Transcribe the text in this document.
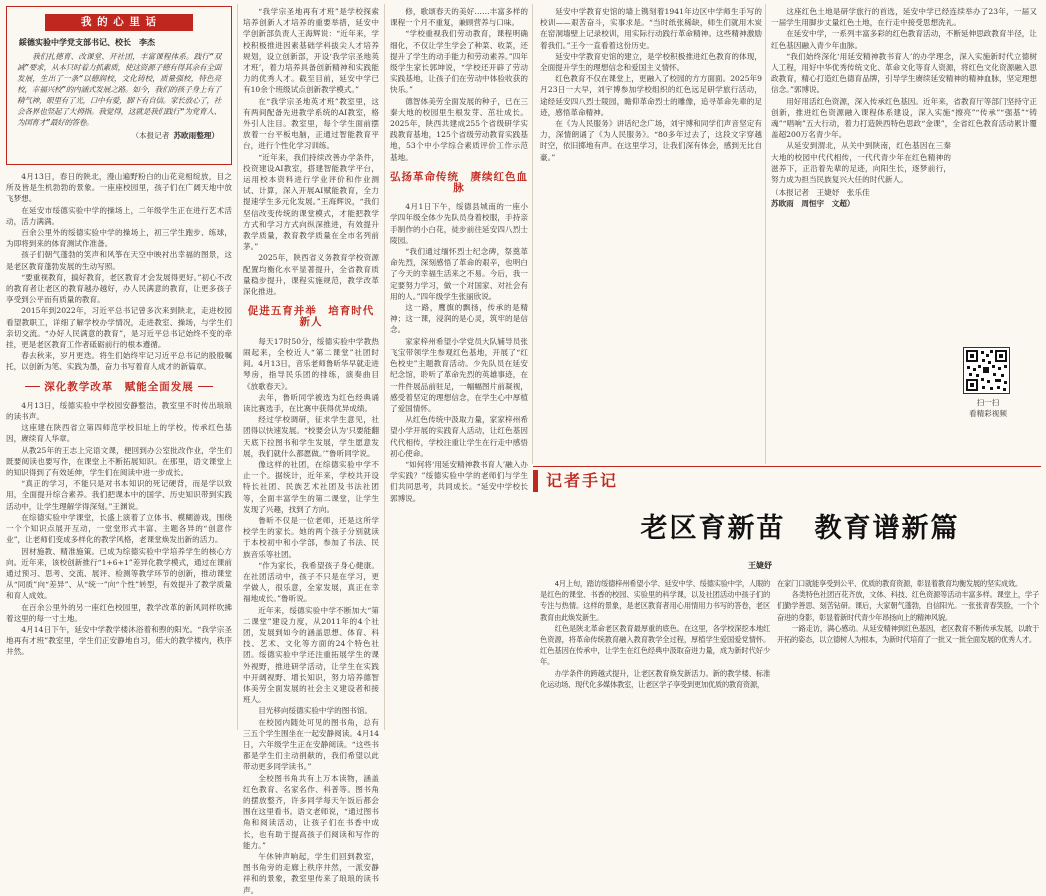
我 的 心 里 话
綏德实验中学党支部书记、校长　李杰
我们扎德育、改课堂、开社团，丰富课程体系。践行“双减”要求，从本只时着力抓素质，使这资源子德有得其余有全面发展，生出了一条“以德润校，文化铸校，质量强校，特色亮校，幸福兴校”的内涵式发展之路。如今，我们的孩子身上有了精气神，眼里有了光，口中有爱，脚下有自信。家长放心了，社会各界也竖起了大拇指。我觉得，这就是我们践行“为党育人、为国育才”最好的答卷。
（本报记者 苏欧雨整理）

4月13日，春日的陕北，漫山遍野粉白的山花竞相绽放，目之所及皆是生机勃勃的景象。一座座校园里，孩子们在广阔天地中放飞梦想。

在延安市绥德实验中学的操场上，二年级学生正在进行艺术活动，活力满满。

百余公里外的绥德实验中学的操场上，初三学生跑步、练球，为即将到来的体育测试作准备。

孩子们朝气蓬勃的笑声和风筝在天空中映衬出幸福的图景，这是老区教育蓬勃发展的生动写照。

“要重视教育，搞好教育，老区教育才会发展得更好。”初心不改的教育者让老区的教育越办越好，办人民满意的教育，让更多孩子享受到公平而有质量的教育。

2015年到2022年，习近平总书记曾多次来到陕北，走进校园看望教职工，详细了解学校办学情况，走进教室、操场，与学生们亲切交流。“办好人民满意的教育”，是习近平总书记始终不变的牵挂，更是老区教育工作者砥砺前行的根本遵循。

春去秋来，岁月更迭。将生们始终牢记习近平总书记的殷殷嘱托，以创新为笔、实践为墨，奋力书写着育人成才的新篇章。

深化教学改革　赋能全面发展

4月13日，绥德实验中学校园安静整洁，教室里不时传出琅琅的读书声。

这座建在陕西省立第四师范学校旧址上的学校，传承红色基因，赓续育人华章。

从教25年的王志上完语文课，便回到办公室批改作业，学生们既要阅读也要写作，在课堂上不断拓展知识。在那里，语文课堂上的知识得到了有效延伸，学生们在阅读中进一步成长。

“真正的学习，不能只是对书本知识的死记硬背，而是学以致用，全面提升综合素养。我们把课本中的国学、历史知识带到实践活动中，让学生理解学得深刻。”王渊说。

在综德实验中学课堂，长盛上演着了立体书、模糊游戏，围绕一个个知识点展开互动，一堂堂形式丰富、主题各异的“创意作业”，让老师们变成多样化的教学风格，老课堂焕发出新的活力。

因材施教、精准施策。已成为综德实验中学培养学生的核心方向。近年来，该校创新推行“1+6+1”差异化教学模式，通过在课前通过预习、思考、交流、展评、检测等教学环节的创新，推动课堂从“同质”向“差异”、从“统一”向“个性”转型，有效提升了教学质量和育人成效。

在百余公里外的另一座红色校园里，教学改革的新风同样吹拂着这里的每一寸土地。

4月14日下午，延安中学教学楼沐浴着和煦的阳光。“我学宗圣地再有才班”教室里，学生们正安静地自习，偌大的教学楼内，秩序井然。

“我学宗圣地再有才班”是学校探索培养创新人才培养的重要举措，延安中学创新部负责人王海辉说：“近年来，学校积极推进因素基础学科拔尖人才培养规划，设立创新部，开设‘我学宗圣地英才班’，着力培养具备创新精神和实践能力的优秀人才。截至目前，延安中学已有10余个班级试点创新教学模式。”

在“我学宗圣地英才班”教室里，这有两间配备先进教学系统的AI教室，格外引人注目。教室里，每个学生面前摆放着一台平板电脑，正通过智能教育平台，进行个性化学习训练。

“近年来，我们持续改善办学条件，投资建设AI教室，搭建智能教学平台，运用校本资料进行学业评价和作业测试、计算，深入开展AI赋能教育，全力提速学生多元化发展。”王海辉说，“我们坚信改变传统的课堂模式，才能把教学方式和学习方式向纵深推进，有效提升教学质量，教育教学质量在全市名列前茅。”

2025年，陕西省义务教育学校资源配置均衡化水平显著提升，全省教育质量稳步提升，课程实施规范，教学改革深化推进。

促进五育并举　培育时代新人

每天17时50分，绥德实验中学教热闹起来，全校近人“第二课堂”社团时间。4月13日，音乐老师鲁昕华早就走进琴房，指导民乐团的排练，演奏曲目《放歌春天》。

去年，鲁昕同学被选为红色经典诵读比赛选手，在比赛中获得优异成绩。

经过学校调研，征求学生意见，社团得以快速发展。“校要会认为‘只要能翻天底下拉图书和学生发展，学生愿意发展，我们就什么都愿做。’”鲁昕同学说。

像这样的社团，在综德实验中学不止一个。据统计，近年来，学校共开设特长社团、民族艺术社团及书法社团等，全面丰富学生的第二课堂，让学生发现了兴趣，找到了方向。

鲁昕不仅是一位老师，还是这所学校学生的家长。她的两个孩子分别就读于本校初中和小学部，参加了书法、民族音乐等社团。

“作为家长，我希望孩子身心健康。在社团活动中，孩子不只是在学习，更学做人，很乐意，全家发展，真正在幸福地成长。”鲁昕说。

近年来，绥德实验中学不断加大“第二课堂”建设力度，从2011年的4个社团，发展到如今的涵盖思想、体育、科技、艺术、文化等方面的24个特色社团。绥德实验中学还注重拓展学生的课外视野，推进研学活动，让学生在实践中开阔视野、增长知识，努力培养德智体美劳全面发展的社会主义建设者和接班人。

目光移向绥德实验中学的图书馆。

在校园内随处可见的图书角，总有三五个学生围坐在一起安静阅读。4月14日，六年级学生正在安静阅读。“这些书都是学生们主动捐献的，我们希望以此带动更多同学读书。”

全校图书角共有上万本读物，涵盖红色教育、名家名作、科普等。图书角的摆放整齐，许多同学每天午饭后都会围在这里看书。语文老师说，“通过图书角和阅读活动，让孩子们在书香中成长，也有助于提高孩子们阅读和写作的能力。”

午休钟声响起，学生们回到教室，图书角旁的走廊上秩序井然，一派安静祥和的景象，教室里传来了琅琅的读书声。

修，歌颂春天的美好……丰富多样的课程一个月不重复，兼顾营养与口味。

“学校重视我们劳动教育，课程明确细化，不仅让学生学会了种菜、收菜，还提升了学生的动手能力和劳动素养。”四年级学生家长郭坤说，“学校还开辟了劳动实践基地，让孩子们在劳动中体验收获的快乐。”

德智体美劳全面发展的种子，已在三秦大地的校园里生根发芽、茁壮成长。2025年，陕西共建成255个省级研学实践教育基地，125个省级劳动教育实践基地，53个中小学综合素质评价工作示范基地。

弘扬革命传统　赓续红色血脉

4月1日下午，绥德县城南的一座小学四年级全体少先队员身着校服，手持亲手制作的小白花，徒步前往延安四八烈士陵园。

“我们通过缅怀烈士纪念碑，祭奠革命先烈，深刻感悟了革命的艰辛，也明白了今天的幸福生活来之不易。今后，我一定要努力学习，做一个对国家、对社会有用的人。”四年级学生张丽欣说。

这一路，鹰旗的飘扬，传承的是精神；这一课，浸润的是心灵，筑牢的是信念。

家家梓州希望小学党员大队辅导员张飞宝带领学生参观红色基地，开展了“红色校史”主题教育活动。少先队员在延安纪念馆，聆听了革命先烈的英雄事迹，在一件件展品前驻足，一幅幅图片前凝视，感受着坚定的理想信念，在学生心中厚植了爱国情怀。

从红色传统中汲取力量，家家梓州希望小学开展的实践育人活动，让红色基因代代相传，学校注重让学生在行走中感悟初心使命。

“如何将‘用延安精神教书育人’融入办学实践？”绥德实验中学的老师们与学生们共同思考，共同成长。“延安中学校长郭博说。

延安中学教育史馆的墙上镌刻着1941年边区中学师生手写的校训——艰苦奋斗，实事求是。“当时纸张稀缺，师生们就用木炭在窑洞墙壁上记录校训，用实际行动践行革命精神。这些精神激励着我们。”王今一直看着这份历史。

延安中学教育史馆的建立，是学校积极推进红色教育的体现，全面提升学生的理想信念和爱国主义情怀。

红色教育不仅在课堂上，更融入了校园的方方面面。2025年9月23日一大早，刘宇博参加学校组织的红色远足研学旅行活动，途经延安四八烈士陵园，瞻仰革命烈士的雕像，追寻革命先辈的足迹，感悟革命精神。

在《为人民服务》讲话纪念广场，刘宇博和同学们声音坚定有力，深情朗诵了《为人民服务》。“80多年过去了，这段文字穿越时空，依旧掷地有声。在这里学习，让我们深有体会，感到无比自豪。”

这座红色土地是研学旅行的首选，延安中学已经连续举办了23年，一届又一届学生用脚步丈量红色土地，在行走中接受思想洗礼。

在延安中学，一系列丰富多彩的红色教育活动，不断延伸思政教育半径，让红色基因融入青少年血脉。

“我们始终深化‘用延安精神教书育人’的办学理念，深入实施新时代立德树人工程，用好中华优秀传统文化、革命文化等育人资源，将红色文化资源融入思政教育，精心打造红色德育品牌，引导学生赓续延安精神的精神血脉，坚定理想信念。”郭博说。

用好用活红色资源，深入传承红色基因。近年来，省教育厅等部门坚持守正创新，推进红色资源融入课程体系建设，深入实施“擦亮”“传承”“强基”“铸魂”“唱响”五大行动，着力打造陕西特色思政“金课”，全省红色教育活动累计覆盖超200万名青少年。

从延安到渭北，从关中到陕南，红色基因在三秦大地的校园中代代相传，一代代青少年在红色精神的滋养下，正沿着先辈的足迹，向阳生长，逐梦前行，努力成为担当民族复兴大任的时代新人。

（本报记者　王婕妤　张乐佳
苏欧雨　周恒宇　文超）
扫一扫
看精彩视频
记者手记
老区育新苗　教育谱新篇
王婕妤

4月上旬，踏访绥德梓州希望小学、延安中学、绥德实验中学，人眼的是红色的课堂、书香的校园、实验里的科学课，以及社团活动中孩子们的专注与热情。这样的景象，是老区教育者用心用情用力书写的答卷，老区教育由此焕发新生。

红色是陕北革命老区教育最厚重的底色。在这里，各学校深挖本地红色资源，将革命传统教育融入教育教学全过程，厚植学生爱国爱党情怀。红色基因在传承中，让学生在红色经典中汲取奋进力量，成为新时代好少年。

办学条件的跨越式提升，让老区教育焕发新活力。新的教学楼、标准化运动场、现代化多媒体教室，让老区学子享受到更加优质的教育资源，

在家门口就能享受到公平、优质的教育资源，彰显着教育均衡发展的坚实成效。

各类特色社团百花齐放，文体、科技、红色资源等活动丰富多样。课堂上，学子们勤学善思、刻苦钻研。课后，大家朝气蓬勃，自信阳光。一张张青春笑脸，一个个奋进的身影，彰显着新时代青少年昂扬向上的精神风貌。

一路走访，满心感动。从延安精神到红色基因，老区教育不断传承发展，以敢于开拓的姿态，以立德树人为根本，为新时代培育了一批又一批全面发展的优秀人才。
